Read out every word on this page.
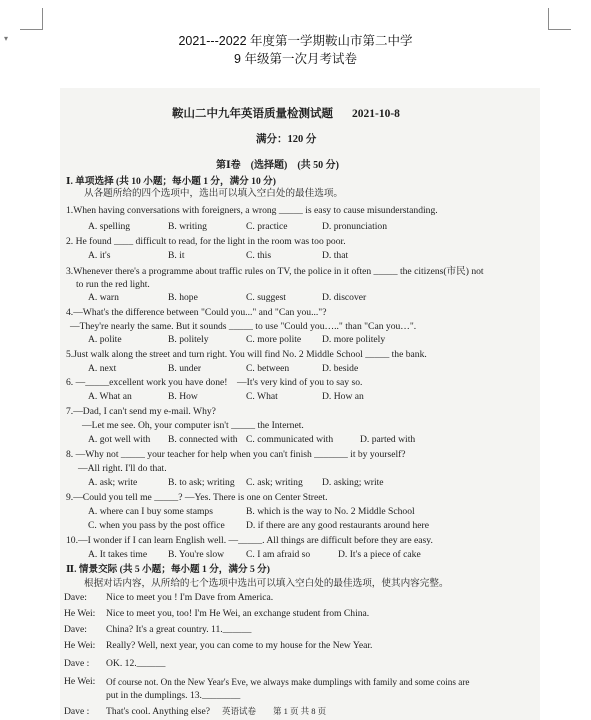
▾	2021---2022 年度第一学期鞍山市第二中学
9 年级第一次月考试卷
鞍山二中九年英语质量检测试题 2021-10-8
满分：120 分
第Ⅰ卷　(选择题)　(共 50 分)
Ⅰ. 单项选择 (共 10 小题；每小题 1 分，满分 10 分)
从各题所给的四个选项中，选出可以填入空白处的最佳选项。
1.When having conversations with foreigners, a wrong _____ is easy to cause misunderstanding.
A. spelling	B. writing	C. practice	D. pronunciation
2. He found ____ difficult to read, for the light in the room was too poor.
A. it's	B. it	C. this	D. that
3.Whenever there's a programme about traffic rules on TV, the police in it often _____ the citizens(市民) not
to run the red light.
A. warn	B. hope	C. suggest	D. discover
4.—What's the difference between "Could you..." and "Can you..."?
—They're nearly the same. But it sounds _____ to use "Could you….." than "Can you…".
A. polite	B. politely	C. more polite D. more politely
5.Just walk along the street and turn right. You will find No. 2 Middle School _____ the bank.
A. next	B. under	C. between	D. beside
6. —_____excellent work you have done!　—It's very kind of you to say so.
A. What an	B. How	C. What	D. How an
7.—Dad, I can't send my e-mail. Why?
—Let me see. Oh, your computer isn't _____ the Internet.
A. got well with B. connected with C. communicated with	D. parted with
8. —Why not _____ your teacher for help when you can't finish _______ it by yourself?
—All right. I'll do that.
A. ask; write	B. to ask; writing C. ask; writing D. asking; write
9.—Could you tell me _____? —Yes. There is one on Center Street.
A. where can I buy some stamps	B. which is the way to No. 2 Middle School
C. when you pass by the post office D. if there are any good restaurants around here
10.—I wonder if I can learn English well. —_____. All things are difficult before they are easy.
A. It takes time B. You're slow C. I am afraid so	D. It's a piece of cake
Ⅱ. 情景交际 (共 5 小题；每小题 1 分，满分 5 分)
根据对话内容，从所给的七个选项中选出可以填入空白处的最佳选项，使其内容完整。
Dave: Nice to meet you ! I'm Dave from America.
He Wei: Nice to meet you, too! I'm He Wei, an exchange student from China.
Dave: China? It's a great country. 11.______
He Wei: Really? Well, next year, you can come to my house for the New Year.
Dave : OK. 12.______
He Wei: Of course not. On the New Year's Eve, we always make dumplings with family and some coins are
put in the dumplings. 13.________
Dave : That's cool. Anything else? 英语试卷　　第 1 页 共 8 页
